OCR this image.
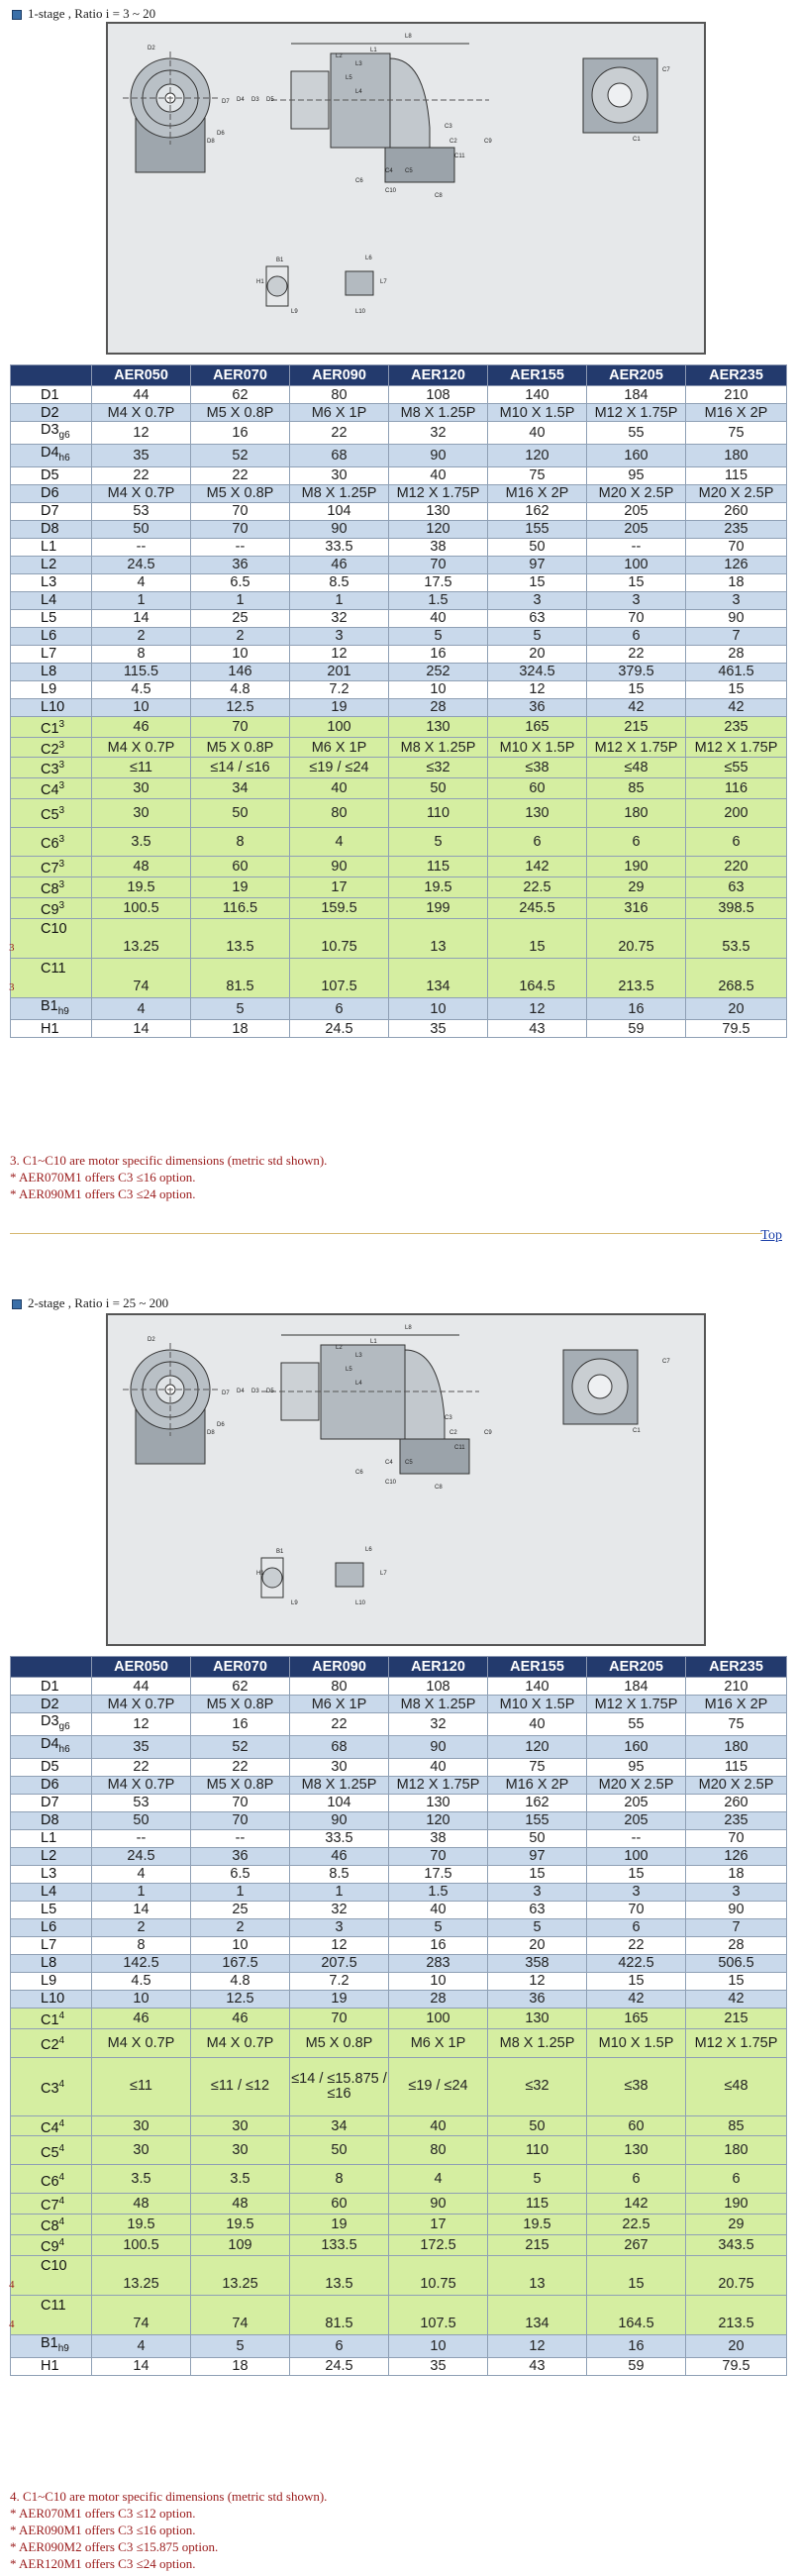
1-stage , Ratio i = 3 ~ 20
L8
L2
L3
L1
L5
L4
D2
D7 D4 D3 D5
D8
D6
C11
C9
C7
C1
C3
C2
C4 C5
C6
C10
C8
B1
H1
L9	L10
L6
L7
	AER050	AER070	AER090	AER120	AER155	AER205	AER235
D1	44	62	80	108	140	184	210
D2	M4 X 0.7P	M5 X 0.8P	M6 X 1P	M8 X 1.25P	M10 X 1.5P	M12 X 1.75P	M16 X 2P
$D3_{g6}$	12	16	22	32	40	55	75
$D4_{h6}$	35	52	68	90	120	160	180
D5	22	22	30	40	75	95	115
D6	M4 X 0.7P	M5 X 0.8P	M8 X 1.25P	M12 X 1.75P	M16 X 2P	M20 X 2.5P	M20 X 2.5P
D7	53	70	104	130	162	205	260
D8	50	70	90	120	155	205	235
L1	--	--	33.5	38	50	--	70
L2	24.5	36	46	70	97	100	126
L3	4	6.5	8.5	17.5	15	15	18
L4	1	1	1	1.5	3	3	3
L5	14	25	32	40	63	70	90
L6	2	2	3	5	5	6	7
L7	8	10	12	16	20	22	28
L8	115.5	146	201	252	324.5	379.5	461.5
L9	4.5	4.8	7.2	10	12	15	15
L10	10	12.5	19	28	36	42	42
$C1^3$	46	70	100	130	165	215	235
$C2^3$	M4 X 0.7P	M5 X 0.8P	M6 X 1P	M8 X 1.25P	M10 X 1.5P	M12 X 1.75P	M12 X 1.75P
$C3^3$	≤11	≤14 / ≤16	≤19 / ≤24	≤32	≤38	≤48	≤55
$C4^3$	30	34	40	50	60	85	116
$C5^3$	30	50	80	110	130	180	200
$C6^3$	3.5	8	4	5	6	6	6
$C7^3$	48	60	90	115	142	190	220
$C8^3$	19.5	19	17	19.5	22.5	29	63
$C9^3$	100.5	116.5	159.5	199	245.5	316	398.5
C10	13.25	13.5	10.75	13	15	20.75	53.5
C11	74	81.5	107.5	134	164.5	213.5	268.5
$B1_{h9}$	4	5	6	10	12	16	20
H1	14	18	24.5	35	43	59	79.5
3. C1~C10 are motor specific dimensions (metric std shown).
* AER070M1 offers C3 ≤16 option.
* AER090M1 offers C3 ≤24 option.
Top
2-stage , Ratio i = 25 ~ 200
L8
L2
L3
L1
L5
L4
D2
D7 D4 D3 D5
D8
D6
C11
C9
C7
C1
C3
C2
C4 C5
C6
C10
C8
B1
H1
L9	L10
L6
L7
	AER050	AER070	AER090	AER120	AER155	AER205	AER235
D1	44	62	80	108	140	184	210
D2	M4 X 0.7P	M5 X 0.8P	M6 X 1P	M8 X 1.25P	M10 X 1.5P	M12 X 1.75P	M16 X 2P
$D3_{g6}$	12	16	22	32	40	55	75
$D4_{h6}$	35	52	68	90	120	160	180
D5	22	22	30	40	75	95	115
D6	M4 X 0.7P	M5 X 0.8P	M8 X 1.25P	M12 X 1.75P	M16 X 2P	M20 X 2.5P	M20 X 2.5P
D7	53	70	104	130	162	205	260
D8	50	70	90	120	155	205	235
L1	--	--	33.5	38	50	--	70
L2	24.5	36	46	70	97	100	126
L3	4	6.5	8.5	17.5	15	15	18
L4	1	1	1	1.5	3	3	3
L5	14	25	32	40	63	70	90
L6	2	2	3	5	5	6	7
L7	8	10	12	16	20	22	28
L8	142.5	167.5	207.5	283	358	422.5	506.5
L9	4.5	4.8	7.2	10	12	15	15
L10	10	12.5	19	28	36	42	42
$C1^4$	46	46	70	100	130	165	215
$C2^4$	M4 X 0.7P	M4 X 0.7P	M5 X 0.8P	M6 X 1P	M8 X 1.25P	M10 X 1.5P	M12 X 1.75P
$C3^4$	≤11	≤11 / ≤12	≤14 / ≤15.875 / ≤16	≤19 / ≤24	≤32	≤38	≤48
$C4^4$	30	30	34	40	50	60	85
$C5^4$	30	30	50	80	110	130	180
$C6^4$	3.5	3.5	8	4	5	6	6
$C7^4$	48	48	60	90	115	142	190
$C8^4$	19.5	19.5	19	17	19.5	22.5	29
$C9^4$	100.5	109	133.5	172.5	215	267	343.5
C10	13.25	13.25	13.5	10.75	13	15	20.75
C11	74	74	81.5	107.5	134	164.5	213.5
$B1_{h9}$	4	5	6	10	12	16	20
H1	14	18	24.5	35	43	59	79.5
4. C1~C10 are motor specific dimensions (metric std shown).
* AER070M1 offers C3 ≤12 option.
* AER090M1 offers C3 ≤16 option.
* AER090M2 offers C3 ≤15.875 option.
* AER120M1 offers C3 ≤24 option.
3
3
4
4
